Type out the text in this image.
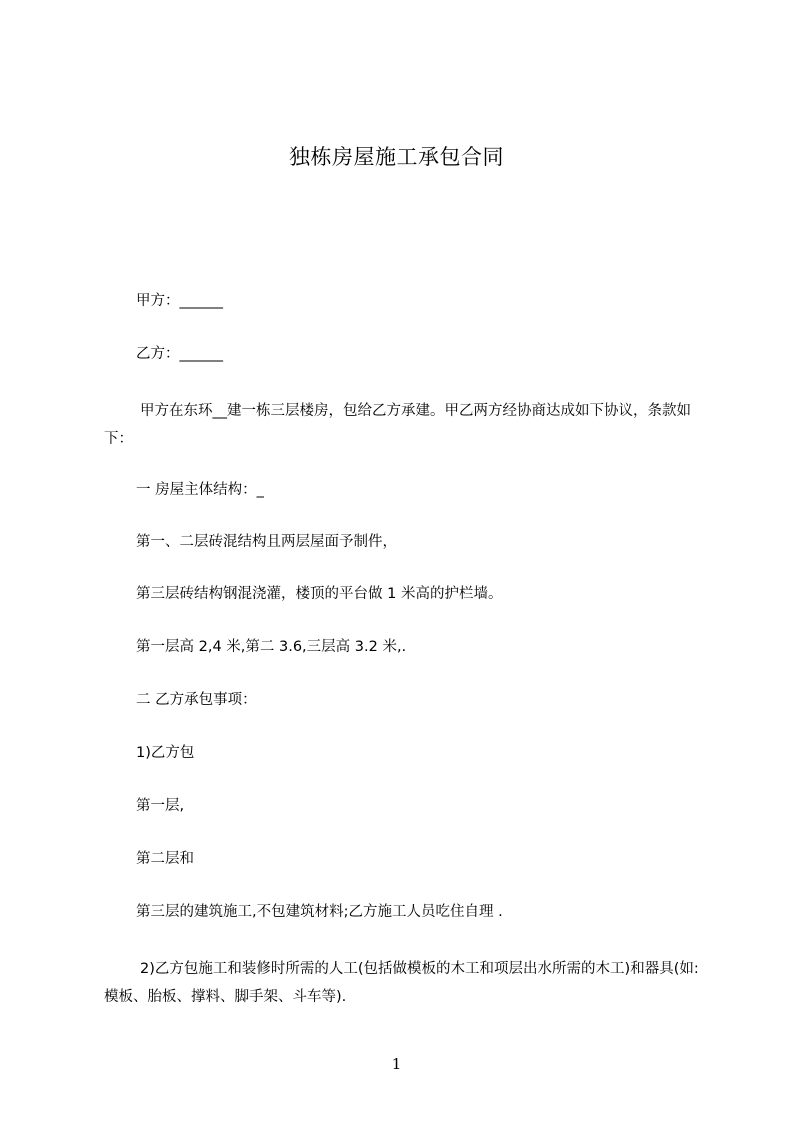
独栋房屋施工承包合同
甲方：______
乙方：______
甲方在东环__建一栋三层楼房，包给乙方承建。甲乙两方经协商达成如下协议，条款如下：
一 房屋主体结构：_
第一、二层砖混结构且两层屋面予制件，
第三层砖结构钢混浇灌，楼顶的平台做 1 米高的护栏墙。
第一层高 2,4 米,第二 3.6,三层高 3.2 米,.
二 乙方承包事项：
1)乙方包
第一层,
第二层和
第三层的建筑施工,不包建筑材料;乙方施工人员吃住自理 .
2)乙方包施工和装修时所需的人工(包括做模板的木工和项层出水所需的木工)和器具(如:模板、胎板、撑料、脚手架、斗车等).
1
